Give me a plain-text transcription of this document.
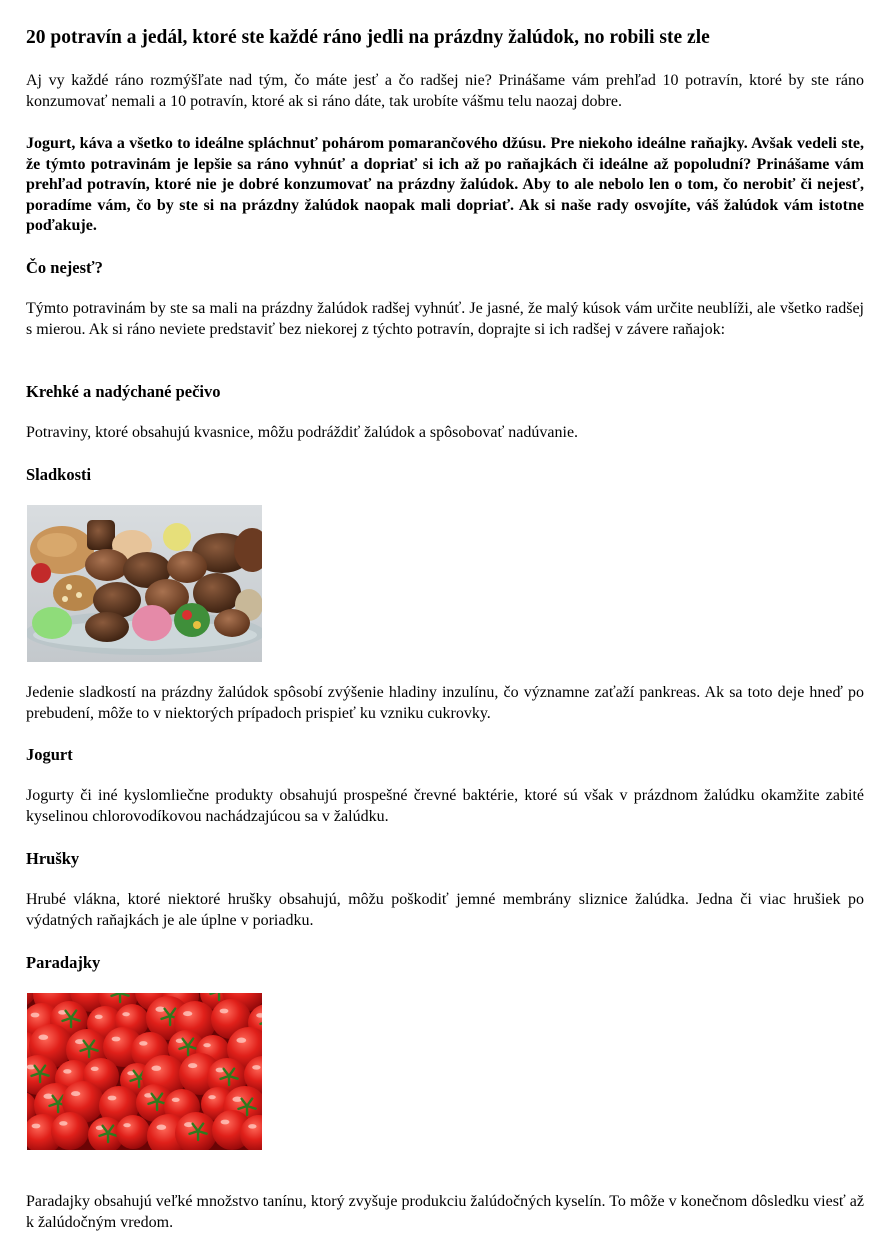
20 potravín a jedál, ktoré ste každé ráno jedli na prázdny žalúdok, no robili ste zle

Aj vy každé ráno rozmýšľate nad tým, čo máte jesť a čo radšej nie? Prinášame vám prehľad 10 potravín, ktoré by ste ráno konzumovať nemali a 10 potravín, ktoré ak si ráno dáte, tak urobíte vášmu telu naozaj dobre.

Jogurt, káva a všetko to ideálne spláchnuť pohárom pomarančového džúsu. Pre niekoho ideálne raňajky. Avšak vedeli ste, že týmto potravinám je lepšie sa ráno vyhnúť a dopriať si ich až po raňajkách či ideálne až popoludní? Prinášame vám prehľad potravín, ktoré nie je dobré konzumovať na prázdny žalúdok. Aby to ale nebolo len o tom, čo nerobiť či nejesť, poradíme vám, čo by ste si na prázdny žalúdok naopak mali dopriať. Ak si naše rady osvojíte, váš žalúdok vám istotne poďakuje.

Čo nejesť?

Týmto potravinám by ste sa mali na prázdny žalúdok radšej vyhnúť. Je jasné, že malý kúsok vám určite neublíži, ale všetko radšej s mierou. Ak si ráno neviete predstaviť bez niekorej z týchto potravín, doprajte si ich radšej v závere raňajok:

Krehké a nadýchané pečivo

Potraviny, ktoré obsahujú kvasnice, môžu podráždiť žalúdok a spôsobovať nadúvanie.

Sladkosti

Jedenie sladkostí na prázdny žalúdok spôsobí zvýšenie hladiny inzulínu, čo významne zaťaží pankreas. Ak sa toto deje hneď po prebudení, môže to v niektorých prípadoch prispieť ku vzniku cukrovky.

Jogurt

Jogurty či iné kyslomliečne produkty obsahujú prospešné črevné baktérie, ktoré sú však v prázdnom žalúdku okamžite zabité kyselinou chlorovodíkovou nachádzajúcou sa v žalúdku.

Hrušky

Hrubé vlákna, ktoré niektoré hrušky obsahujú, môžu poškodiť jemné membrány sliznice žalúdka. Jedna či viac hrušiek po výdatných raňajkách je ale úplne v poriadku.

Paradajky

Paradajky obsahujú veľké množstvo tanínu, ktorý zvyšuje produkciu žalúdočných kyselín. To môže v konečnom dôsledku viesť až k žalúdočným vredom.
